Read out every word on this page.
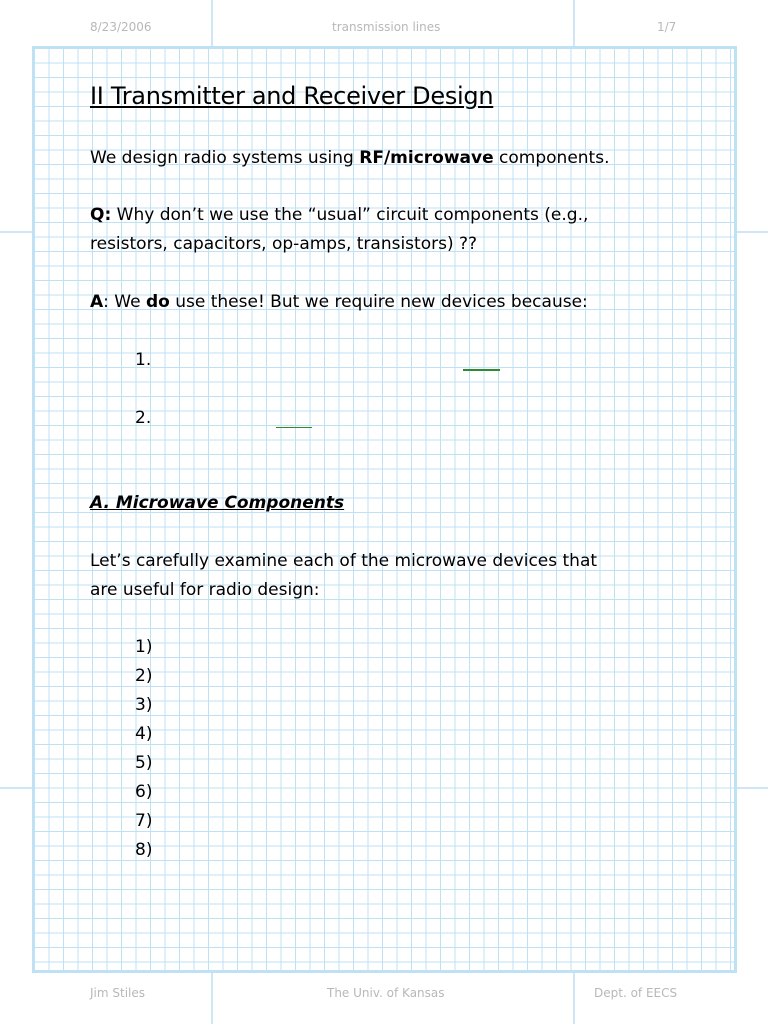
8/23/2006	transmission lines	1/7
Jim Stiles	The Univ. of Kansas	Dept. of EECS
II Transmitter and Receiver Design
We design radio systems using RF/microwave components.
Q: Why don’t we use the “usual” circuit components (e.g.,
resistors, capacitors, op-amps, transistors) ??
A: We do use these! But we require new devices because:
1.
2.
A. Microwave Components
Let’s carefully examine each of the microwave devices that
are useful for radio design:
1)
2)
3)
4)
5)
6)
7)
8)
